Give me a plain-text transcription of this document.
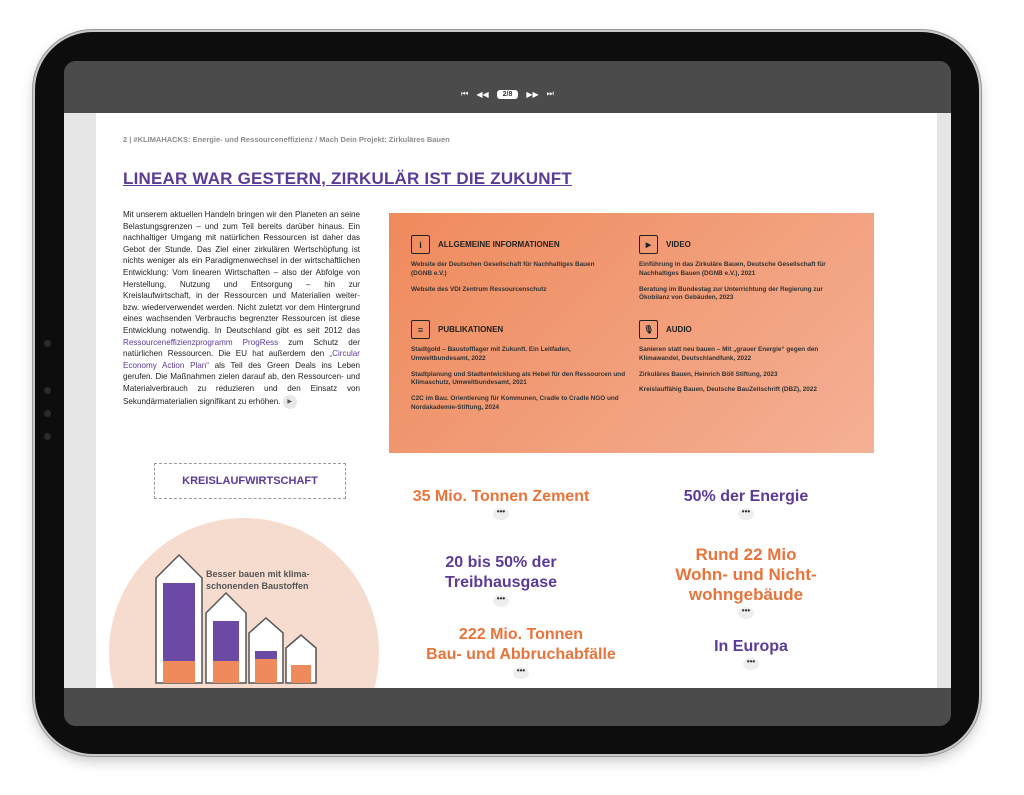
⏮ ◀◀	2/8	▶▶ ⏭
2 | #KLIMAHACKS: Energie- und Ressourceneffizienz / Mach Dein Projekt: Zirkuläres Bauen
LINEAR WAR GESTERN, ZIRKULÄR IST DIE ZUKUNFT
Mit unserem aktuellen Handeln bringen wir den Planeten an seine Belastungsgrenzen – und zum Teil bereits darüber hinaus. Ein nachhaltiger Umgang mit natürlichen Ressourcen ist daher das Gebot der Stunde. Das Ziel einer zirkulären Wertschöpfung ist nichts weniger als ein Paradigmenwechsel in der wirtschaftlichen Entwicklung: Vom linearen Wirtschaften – also der Abfolge von Herstellung, Nutzung und Entsorgung – hin zur Kreislaufwirtschaft, in der Ressourcen und Materialien weiter- bzw. wiederverwendet werden. Nicht zuletzt vor dem Hintergrund eines wachsenden Verbrauchs begrenzter Ressourcen ist diese Entwicklung notwendig. In Deutschland gibt es seit 2012 das Ressourceneffizienzprogramm ProgRess zum Schutz der natürlichen Ressourcen. Die EU hat außerdem den „Circular Economy Action Plan“ als Teil des Green Deals ins Leben gerufen. Die Maßnahmen zielen darauf ab, den Ressourcen- und Materialverbrauch zu reduzieren und den Einsatz von Sekundärmaterialien signifikant zu erhöhen. ▶
KREISLAUFWIRTSCHAFT
i	ALLGEMEINE INFORMATIONEN
Website der Deutschen Gesellschaft für Nachhaltiges Bauen (DGNB e.V.)
Website des VDI Zentrum Ressourcenschutz
≡	PUBLIKATIONEN
Stadtgold – Baustofflager mit Zukunft. Ein Leitfaden, Umweltbundesamt, 2022
Stadtplanung und Stadtentwicklung als Hebel für den Ressourcen und Klimaschutz, Umweltbundesamt, 2021
C2C im Bau. Orientierung für Kommunen, Cradle to Cradle NGO und Nordakademie-Stiftung, 2024
▶	VIDEO
Einführung in das Zirkuläre Bauen, Deutsche Gesellschaft für Nachhaltiges Bauen (DGNB e.V.), 2021
Beratung im Bundestag zur Unterrichtung der Regierung zur Ökobilanz von Gebäuden, 2023
🎙	AUDIO
Sanieren statt neu bauen – Mit „grauer Energie“ gegen den Klimawandel, Deutschlandfunk, 2022
Zirkuläres Bauen, Heinrich Böll Stiftung, 2023
Kreislauffähig Bauen, Deutsche BauZeitschrift (DBZ), 2022
Besser bauen mit klima-
schonenden Baustoffen
35 Mio. Tonnen Zement
•••
50% der Energie
•••
20 bis 50% der
Treibhausgase
•••
Rund 22 Mio
Wohn- und Nicht-
wohngebäude
•••
222 Mio. Tonnen
Bau- und Abbruchabfälle
•••
In Europa
•••
